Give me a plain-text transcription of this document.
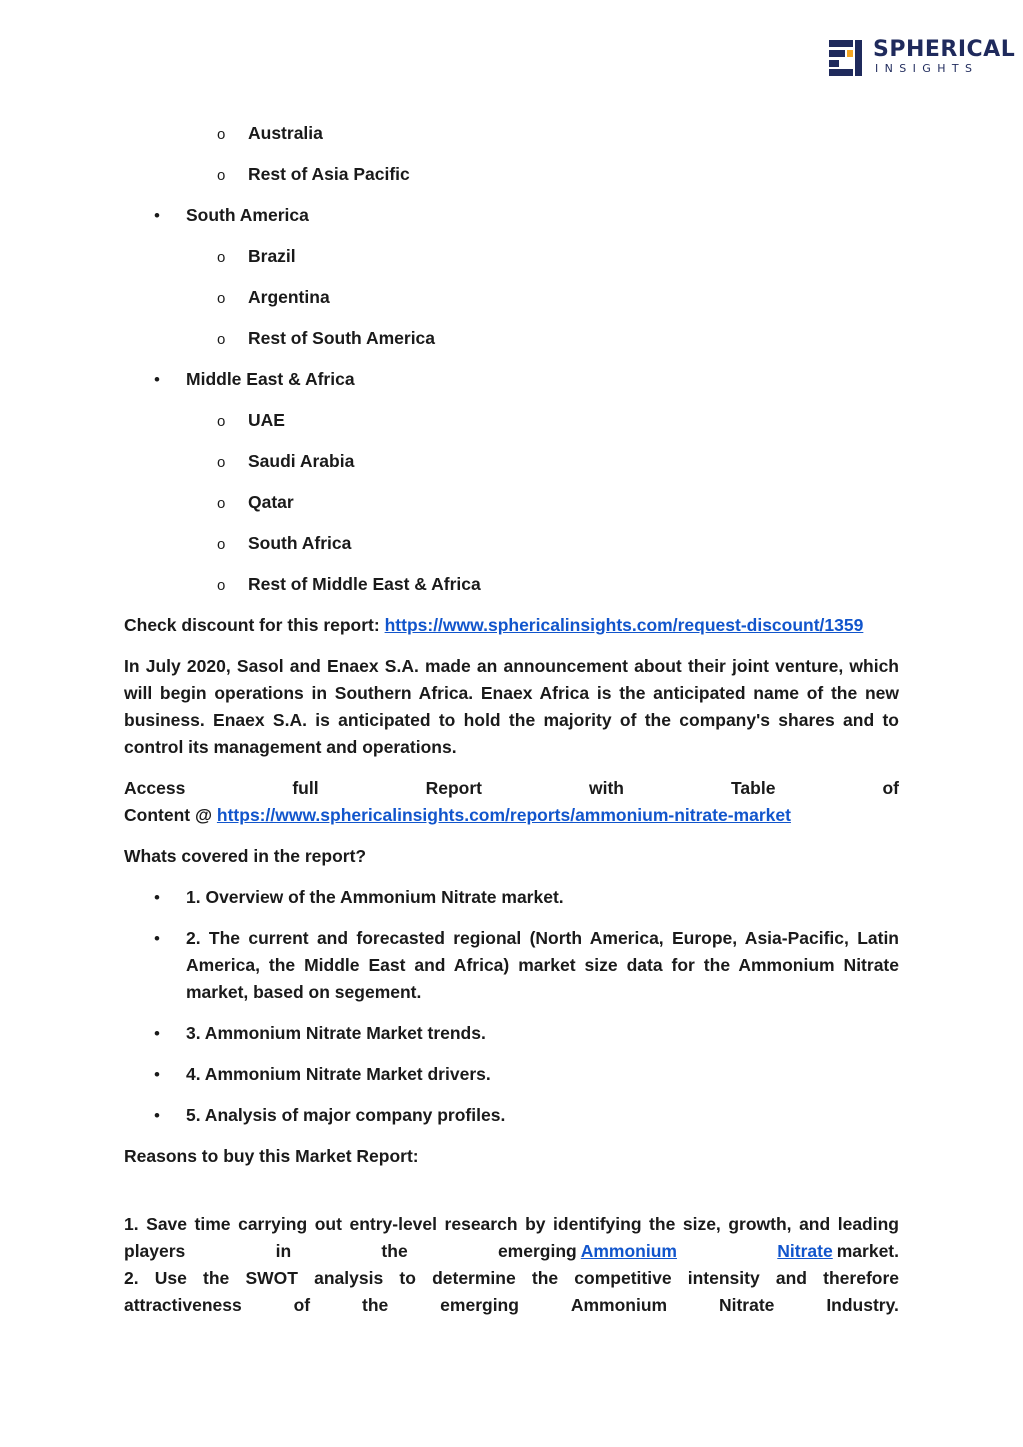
SPHERICAL
INSIGHTS
o Australia
o Rest of Asia Pacific
• South America
o Brazil
o Argentina
o Rest of South America
• Middle East & Africa
o UAE
o Saudi Arabia
o Qatar
o South Africa
o Rest of Middle East & Africa

Check discount for this report: https://www.sphericalinsights.com/request-discount/1359

In July 2020, Sasol and Enaex S.A. made an announcement about their joint venture, which will begin operations in Southern Africa. Enaex Africa is the anticipated name of the new business. Enaex S.A. is anticipated to hold the majority of the company's shares and to control its management and operations.

Access	full	Report	with	Table	of
Content @ https://www.sphericalinsights.com/reports/ammonium-nitrate-market

Whats covered in the report?

• 1. Overview of the Ammonium Nitrate market.
• 2. The current and forecasted regional (North America, Europe, Asia-Pacific, Latin America, the Middle East and Africa) market size data for the Ammonium Nitrate market, based on segement.
• 3. Ammonium Nitrate Market trends.
• 4. Ammonium Nitrate Market drivers.
• 5. Analysis of major company profiles.

Reasons to buy this Market Report:

1. Save time carrying out entry-level research by identifying the size, growth, and leading
players	in	the	emerging Ammonium	Nitrate market.
2. Use the SWOT analysis to determine the competitive intensity and therefore
attractiveness	of	the	emerging	Ammonium	Nitrate	Industry.
